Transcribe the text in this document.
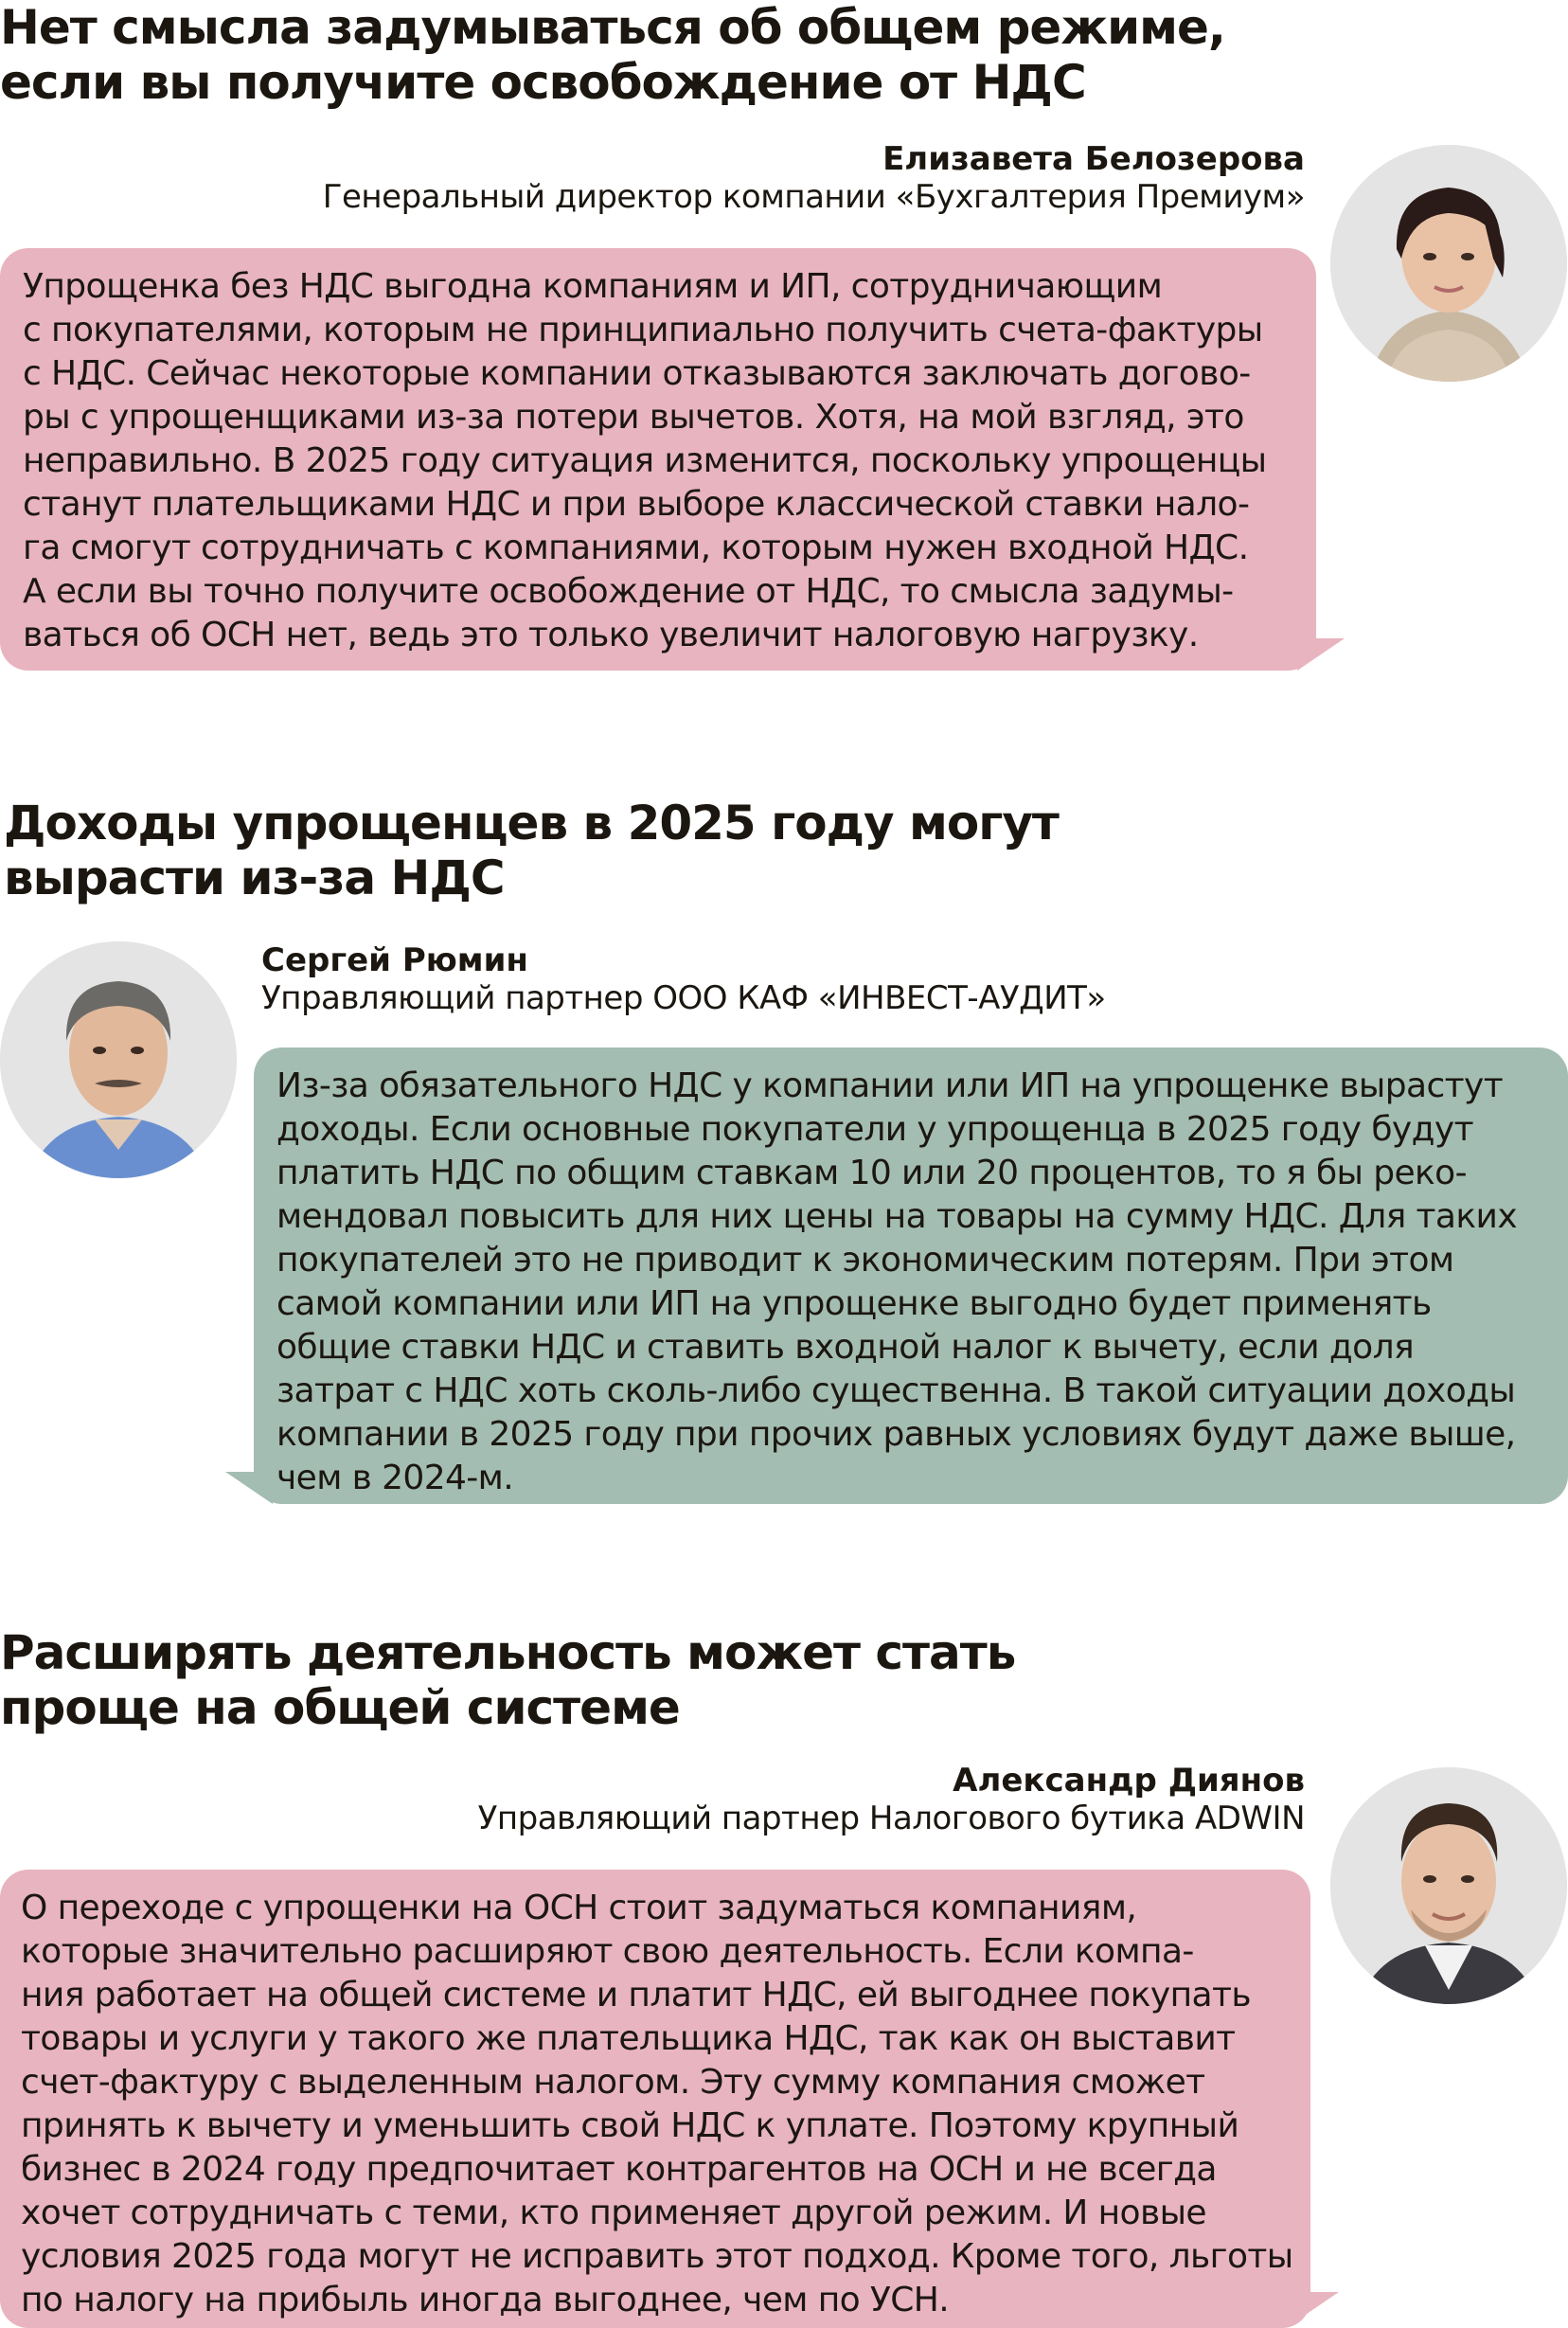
Нет смысла задумываться об общем режиме,
если вы получите освобождение от НДС
Елизавета Белозерова
Генеральный директор компании «Бухгалтерия Премиум»

Упрощенка без НДС выгодна компаниям и ИП, сотрудничающим
с покупателями, которым не принципиально получить счета-фактуры
с НДС. Сейчас некоторые компании отказываются заключать догово-
ры с упрощенщиками из-за потери вычетов. Хотя, на мой взгляд, это
неправильно. В 2025 году ситуация изменится, поскольку упрощенцы
станут плательщиками НДС и при выборе классической ставки нало-
га смогут сотрудничать с компаниями, которым нужен входной НДС.
А если вы точно получите освобождение от НДС, то смысла задумы-
ваться об ОСН нет, ведь это только увеличит налоговую нагрузку.

Доходы упрощенцев в 2025 году могут
вырасти из-за НДС
Сергей Рюмин
Управляющий партнер ООО КАФ «ИНВЕСТ-АУДИТ»

Из-за обязательного НДС у компании или ИП на упрощенке вырастут
доходы. Если основные покупатели у упрощенца в 2025 году будут
платить НДС по общим ставкам 10 или 20 процентов, то я бы реко-
мендовал повысить для них цены на товары на сумму НДС. Для таких
покупателей это не приводит к экономическим потерям. При этом
самой компании или ИП на упрощенке выгодно будет применять
общие ставки НДС и ставить входной налог к вычету, если доля
затрат с НДС хоть сколь-либо существенна. В такой ситуации доходы
компании в 2025 году при прочих равных условиях будут даже выше,
чем в 2024-м.

Расширять деятельность может стать
проще на общей системе
Александр Диянов
Управляющий партнер Налогового бутика ADWIN

О переходе с упрощенки на ОСН стоит задуматься компаниям,
которые значительно расширяют свою деятельность. Если компа-
ния работает на общей системе и платит НДС, ей выгоднее покупать
товары и услуги у такого же плательщика НДС, так как он выставит
счет-фактуру с выделенным налогом. Эту сумму компания сможет
принять к вычету и уменьшить свой НДС к уплате. Поэтому крупный
бизнес в 2024 году предпочитает контрагентов на ОСН и не всегда
хочет сотрудничать с теми, кто применяет другой режим. И новые
условия 2025 года могут не исправить этот подход. Кроме того, льготы
по налогу на прибыль иногда выгоднее, чем по УСН.
